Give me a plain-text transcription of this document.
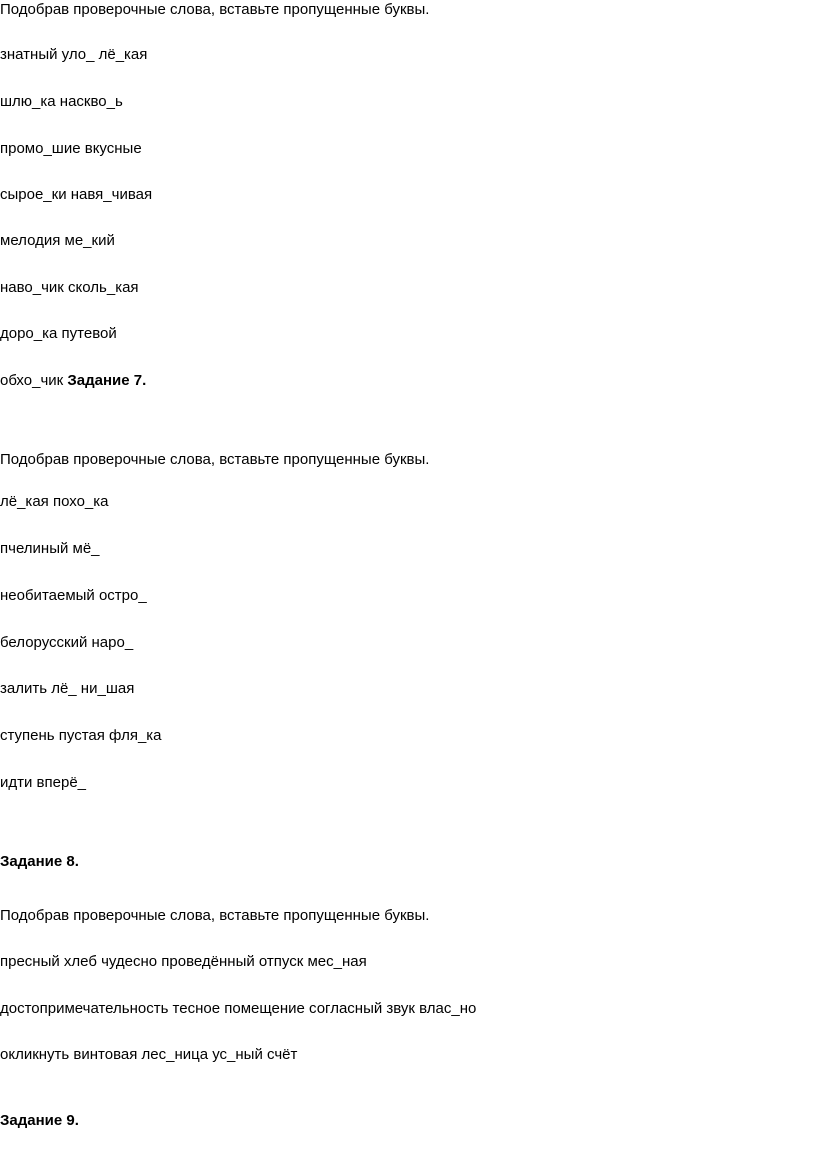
Подобрав проверочные слова, вставьте пропущенные буквы.
знатный уло_ лё_кая
шлю_ка наскво_ь
промо_шие вкусные
сырое_ки навя_чивая
мелодия ме_кий
наво_чик сколь_кая
доро_ка путевой
обхо_чик Задание 7.
Подобрав проверочные слова, вставьте пропущенные буквы.
лё_кая похо_ка
пчелиный мё_
необитаемый остро_
белорусский наро_
залить лё_ ни_шая
ступень пустая фля_ка
идти вперё_
Задание 8.
Подобрав проверочные слова, вставьте пропущенные буквы.
пресный хлеб чудесно проведённый отпуск мес_ная
достопримечательность тесное помещение согласный звук влас_но
окликнуть винтовая лес_ница ус_ный счёт
Задание 9.
